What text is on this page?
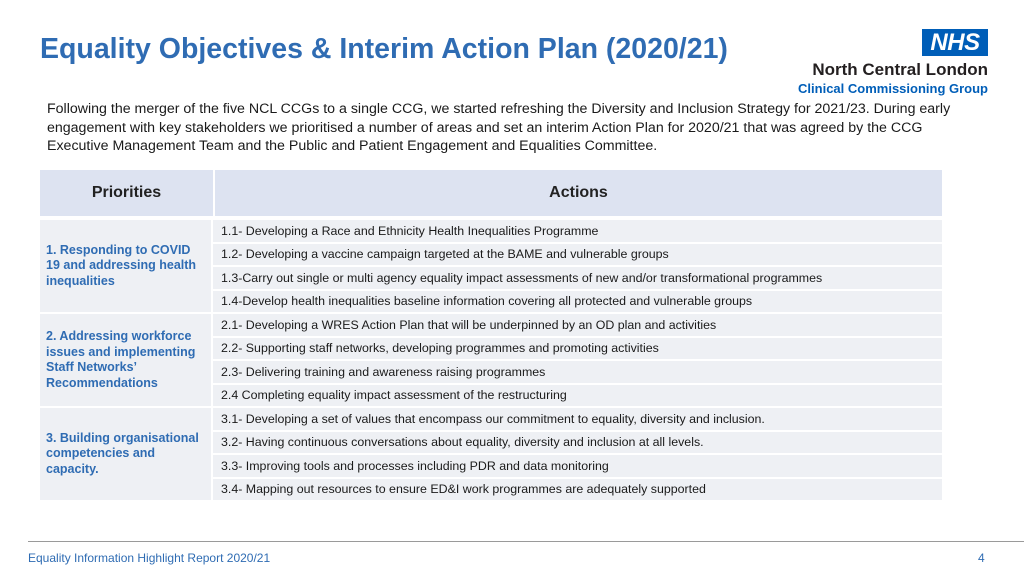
Equality Objectives & Interim Action Plan (2020/21)	NHS
North Central London
Clinical Commissioning Group

Following the merger of the five NCL CCGs to a single CCG, we started refreshing the Diversity and Inclusion Strategy for 2021/23. During early engagement with key stakeholders we prioritised a number of areas and set an interim Action Plan for 2020/21 that was agreed by the CCG Executive Management Team and the Public and Patient Engagement and Equalities Committee.

Priorities	Actions
1. Responding to COVID 19 and addressing health inequalities
1.1- Developing a Race and Ethnicity Health Inequalities Programme
1.2- Developing a vaccine campaign targeted at the BAME and vulnerable groups
1.3-Carry out single or multi agency equality impact assessments of new and/or transformational programmes
1.4-Develop health inequalities baseline information covering all protected and vulnerable groups
2. Addressing workforce issues and implementing Staff Networks’ Recommendations
2.1- Developing a WRES Action Plan that will be underpinned by an OD plan and activities
2.2- Supporting staff networks, developing programmes and promoting activities
2.3- Delivering training and awareness raising programmes
2.4 Completing equality impact assessment of the restructuring
3. Building organisational competencies and capacity.
3.1- Developing a set of values that encompass our commitment to equality, diversity and inclusion.
3.2- Having continuous conversations about equality, diversity and inclusion at all levels.
3.3- Improving tools and processes including PDR and data monitoring
3.4- Mapping out resources to ensure ED&I work programmes are adequately supported
Equality Information Highlight Report 2020/21	4
